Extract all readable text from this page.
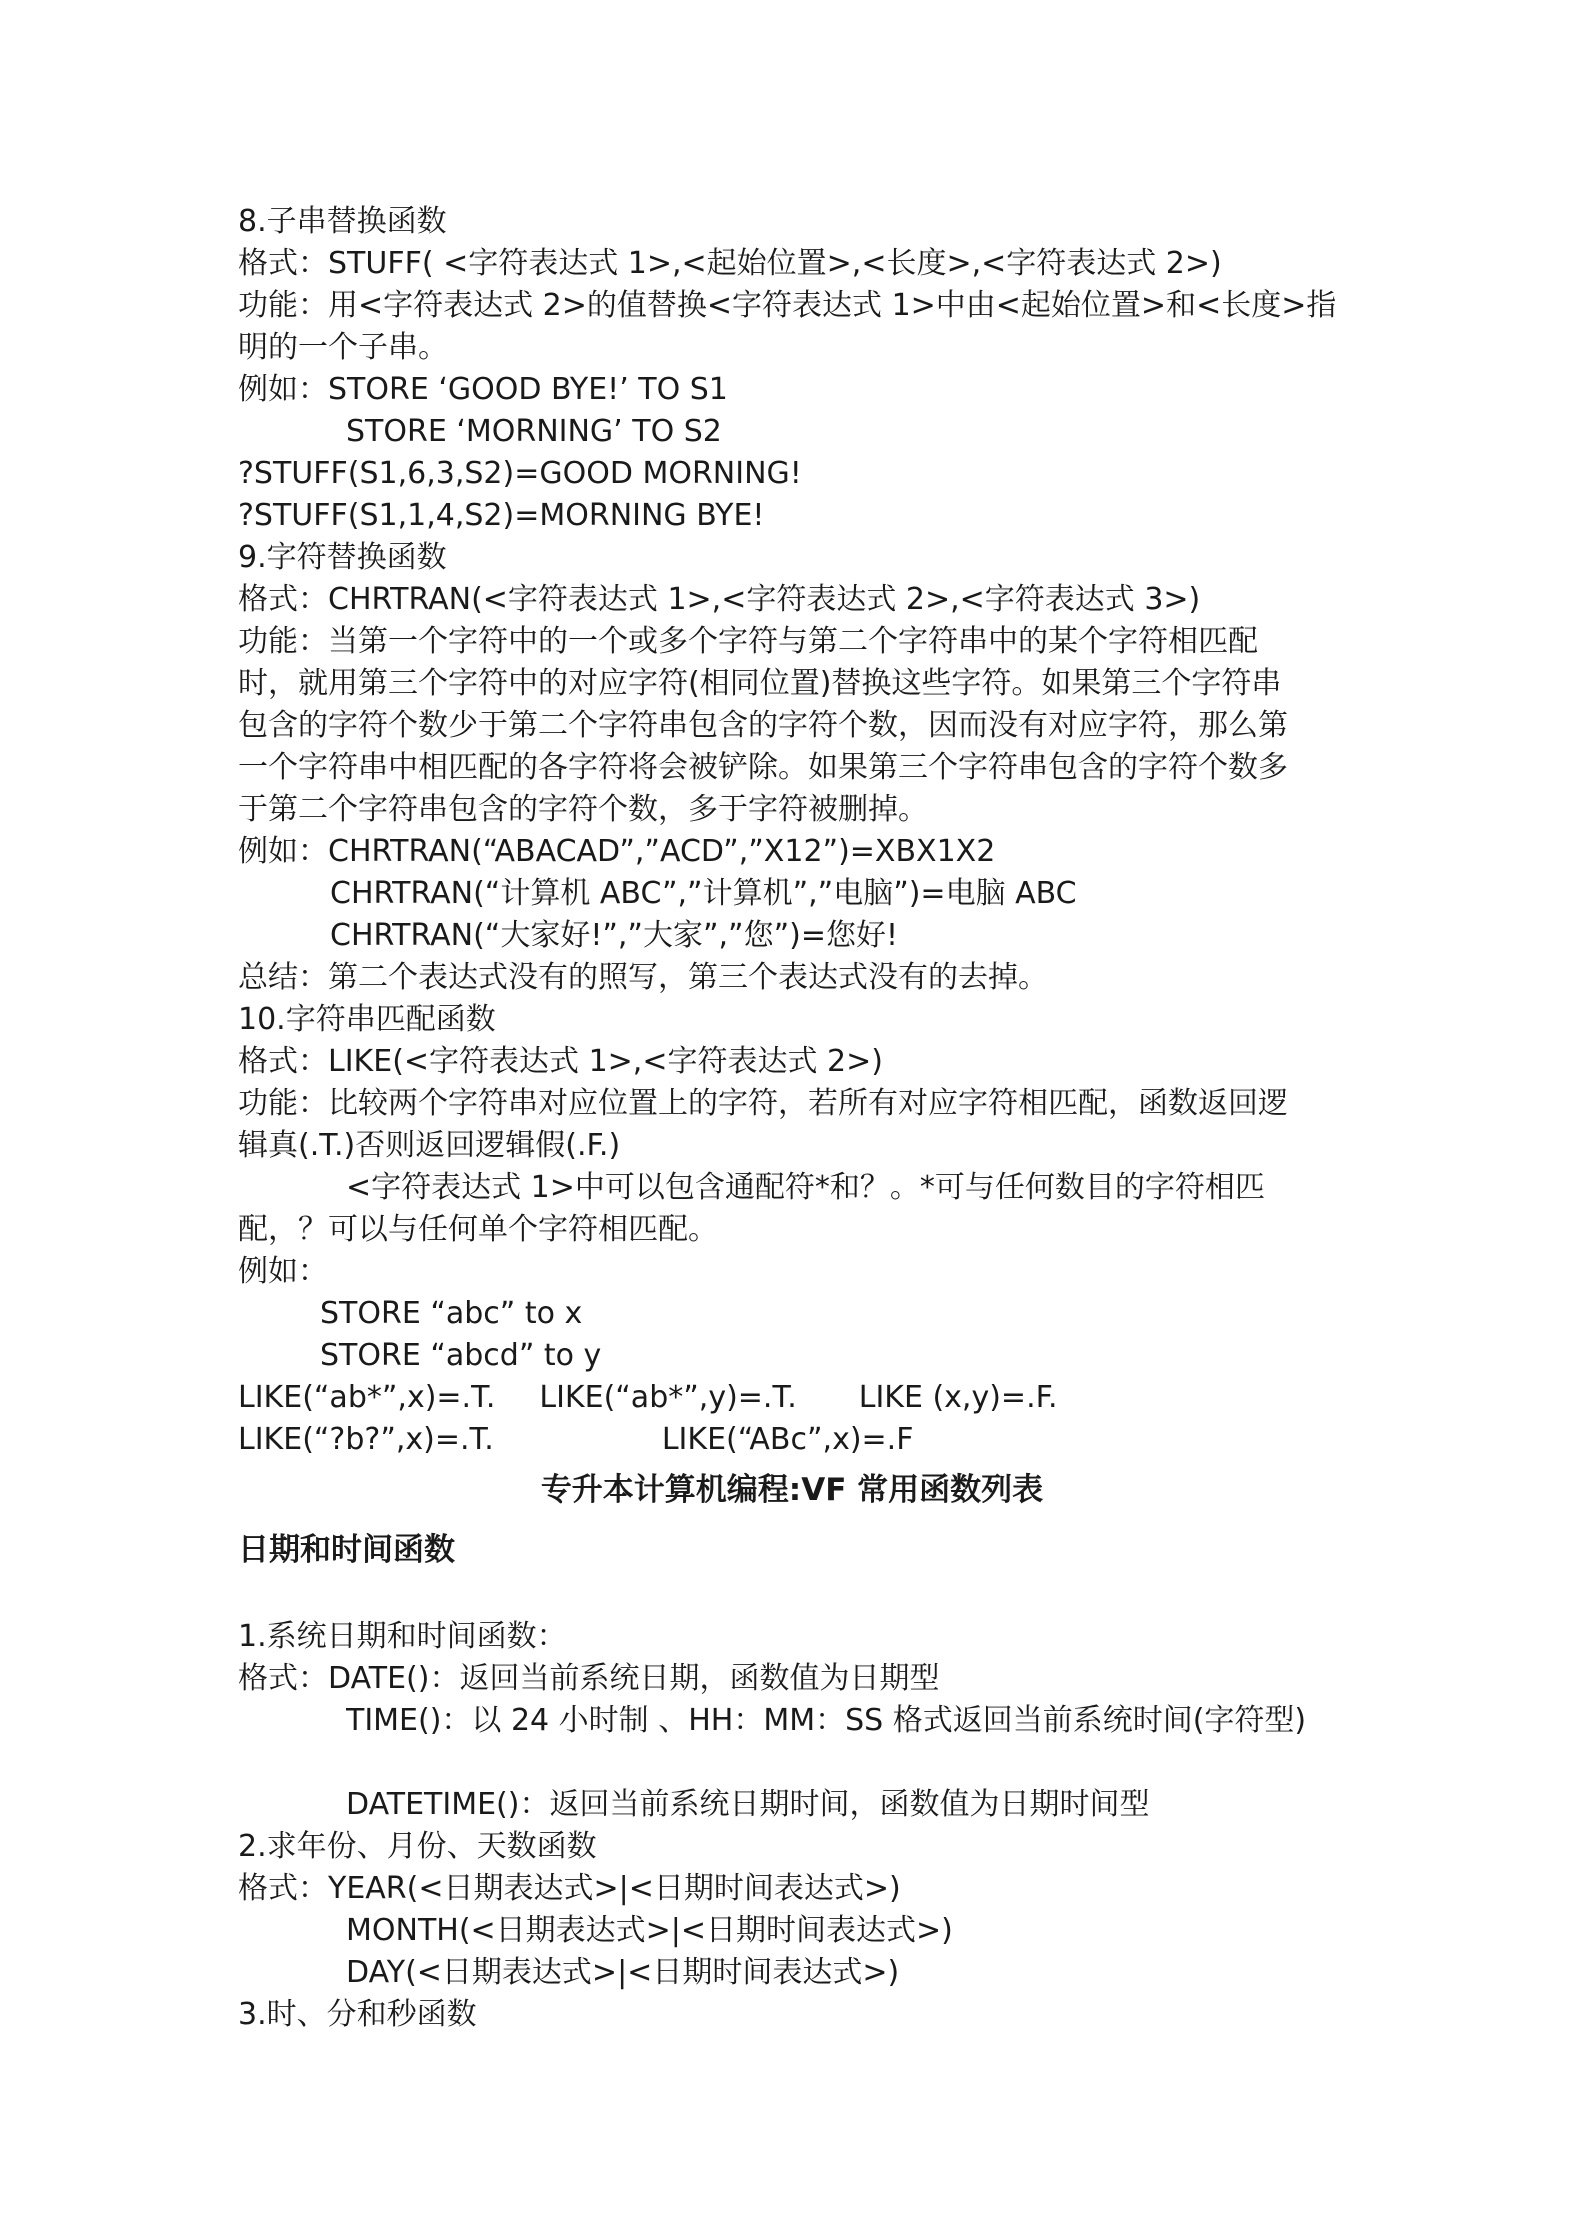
8.子串替换函数
格式：STUFF( <字符表达式 1>,<起始位置>,<长度>,<字符表达式 2>)
功能：用<字符表达式 2>的值替换<字符表达式 1>中由<起始位置>和<长度>指
明的一个子串。
例如：STORE ‘GOOD BYE!’ TO S1
STORE ‘MORNING’ TO S2
?STUFF(S1,6,3,S2)=GOOD MORNING!
?STUFF(S1,1,4,S2)=MORNING BYE!
9.字符替换函数
格式：CHRTRAN(<字符表达式 1>,<字符表达式 2>,<字符表达式 3>)
功能：当第一个字符中的一个或多个字符与第二个字符串中的某个字符相匹配
时，就用第三个字符中的对应字符(相同位置)替换这些字符。如果第三个字符串
包含的字符个数少于第二个字符串包含的字符个数，因而没有对应字符，那么第
一个字符串中相匹配的各字符将会被铲除。如果第三个字符串包含的字符个数多
于第二个字符串包含的字符个数，多于字符被删掉。
例如：CHRTRAN(“ABACAD”,”ACD”,”X12”)=XBX1X2
CHRTRAN(“计算机 ABC”,”计算机”,”电脑”)=电脑 ABC
CHRTRAN(“大家好!”,”大家”,”您”)=您好!
总结：第二个表达式没有的照写，第三个表达式没有的去掉。
10.字符串匹配函数
格式：LIKE(<字符表达式 1>,<字符表达式 2>)
功能：比较两个字符串对应位置上的字符，若所有对应字符相匹配，函数返回逻
辑真(.T.)否则返回逻辑假(.F.)
<字符表达式 1>中可以包含通配符*和？。*可与任何数目的字符相匹
配，？可以与任何单个字符相匹配。
例如：
STORE “abc” to x
STORE “abcd” to y
LIKE(“ab*”,x)=.T. LIKE(“ab*”,y)=.T. LIKE (x,y)=.F.
LIKE(“?b?”,x)=.T.	LIKE(“ABc”,x)=.F
专升本计算机编程:VF 常用函数列表
日期和时间函数
1.系统日期和时间函数：
格式：DATE()：返回当前系统日期，函数值为日期型
TIME()：以 24 小时制 、HH：MM：SS 格式返回当前系统时间(字符型)
DATETIME()：返回当前系统日期时间，函数值为日期时间型
2.求年份、月份、天数函数
格式：YEAR(<日期表达式>|<日期时间表达式>)
MONTH(<日期表达式>|<日期时间表达式>)
DAY(<日期表达式>|<日期时间表达式>)
3.时、分和秒函数
